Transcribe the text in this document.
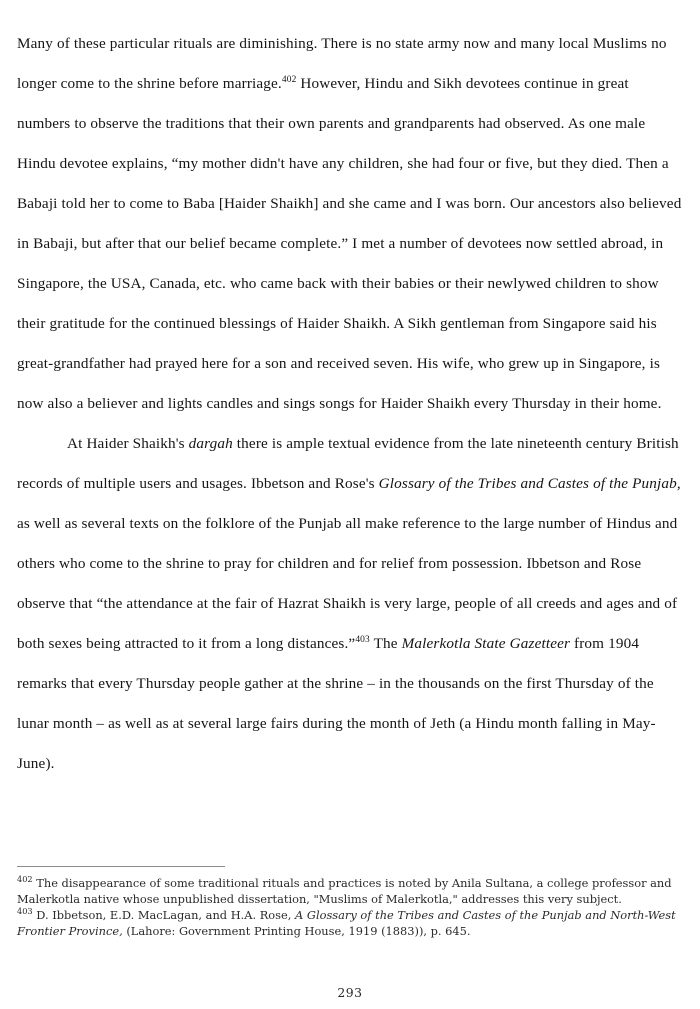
Many of these particular rituals are diminishing. There is no state army now and many local Muslims no longer come to the shrine before marriage.$^{402}$ However, Hindu and Sikh devotees continue in great numbers to observe the traditions that their own parents and grandparents had observed. As one male Hindu devotee explains, “my mother didn't have any children, she had four or five, but they died. Then a Babaji told her to come to Baba [Haider Shaikh] and she came and I was born. Our ancestors also believed in Babaji, but after that our belief became complete.” I met a number of devotees now settled abroad, in Singapore, the USA, Canada, etc. who came back with their babies or their newlywed children to show their gratitude for the continued blessings of Haider Shaikh. A Sikh gentleman from Singapore said his great-grandfather had prayed here for a son and received seven. His wife, who grew up in Singapore, is now also a believer and lights candles and sings songs for Haider Shaikh every Thursday in their home.

At Haider Shaikh's dargah there is ample textual evidence from the late nineteenth century British records of multiple users and usages. Ibbetson and Rose's Glossary of the Tribes and Castes of the Punjab, as well as several texts on the folklore of the Punjab all make reference to the large number of Hindus and others who come to the shrine to pray for children and for relief from possession. Ibbetson and Rose observe that “the attendance at the fair of Hazrat Shaikh is very large, people of all creeds and ages and of both sexes being attracted to it from a long distances.”$^{403}$ The Malerkotla State Gazetteer from 1904 remarks that every Thursday people gather at the shrine – in the thousands on the first Thursday of the lunar month – as well as at several large fairs during the month of Jeth (a Hindu month falling in May-June).

$^{402}$ The disappearance of some traditional rituals and practices is noted by Anila Sultana, a college professor and Malerkotla native whose unpublished dissertation, "Muslims of Malerkotla," addresses this very subject.
$^{403}$ D. Ibbetson, E.D. MacLagan, and H.A. Rose, A Glossary of the Tribes and Castes of the Punjab and North-West Frontier Province, (Lahore: Government Printing House, 1919 (1883)), p. 645.
293
